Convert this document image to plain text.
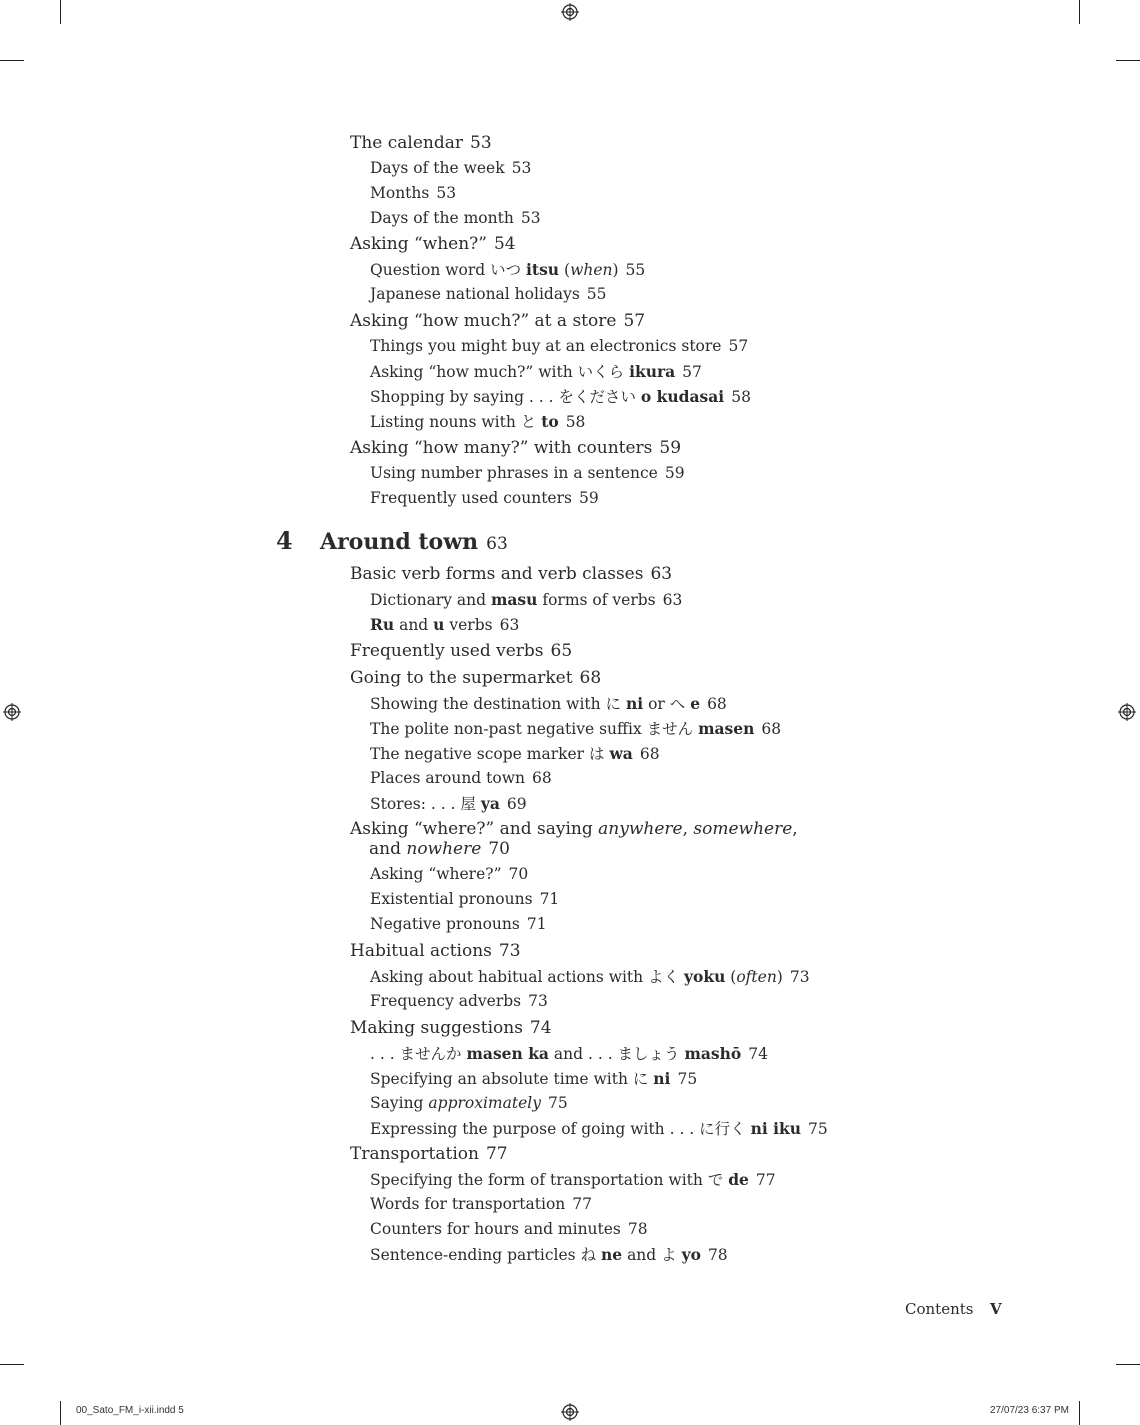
The calendar 53
Days of the week 53
Months 53
Days of the month 53
Asking “when?” 54
Question word いつ itsu (when) 55
Japanese national holidays 55
Asking “how much?” at a store 57
Things you might buy at an electronics store 57
Asking “how much?” with いくら ikura 57
Shopping by saying . . . をください o kudasai 58
Listing nouns with と to 58
Asking “how many?” with counters 59
Using number phrases in a sentence 59
Frequently used counters 59
4 Around town 63
Basic verb forms and verb classes 63
Dictionary and masu forms of verbs 63
Ru and u verbs 63
Frequently used verbs 65
Going to the supermarket 68
Showing the destination with に ni or へ e 68
The polite non-past negative suffix ません masen 68
The negative scope marker は wa 68
Places around town 68
Stores: . . . 屋 ya 69
Asking “where?” and saying anywhere, somewhere,
and nowhere 70
Asking “where?” 70
Existential pronouns 71
Negative pronouns 71
Habitual actions 73
Asking about habitual actions with よく yoku (often) 73
Frequency adverbs 73
Making suggestions 74
. . . ませんか masen ka and . . . ましょう mashō 74
Specifying an absolute time with に ni 75
Saying approximately 75
Expressing the purpose of going with . . . に行く ni iku 75
Transportation 77
Specifying the form of transportation with で de 77
Words for transportation 77
Counters for hours and minutes 78
Sentence-ending particles ね ne and よ yo 78
Contents V
00_Sato_FM_i-xii.indd 5	27/07/23 6:37 PM
